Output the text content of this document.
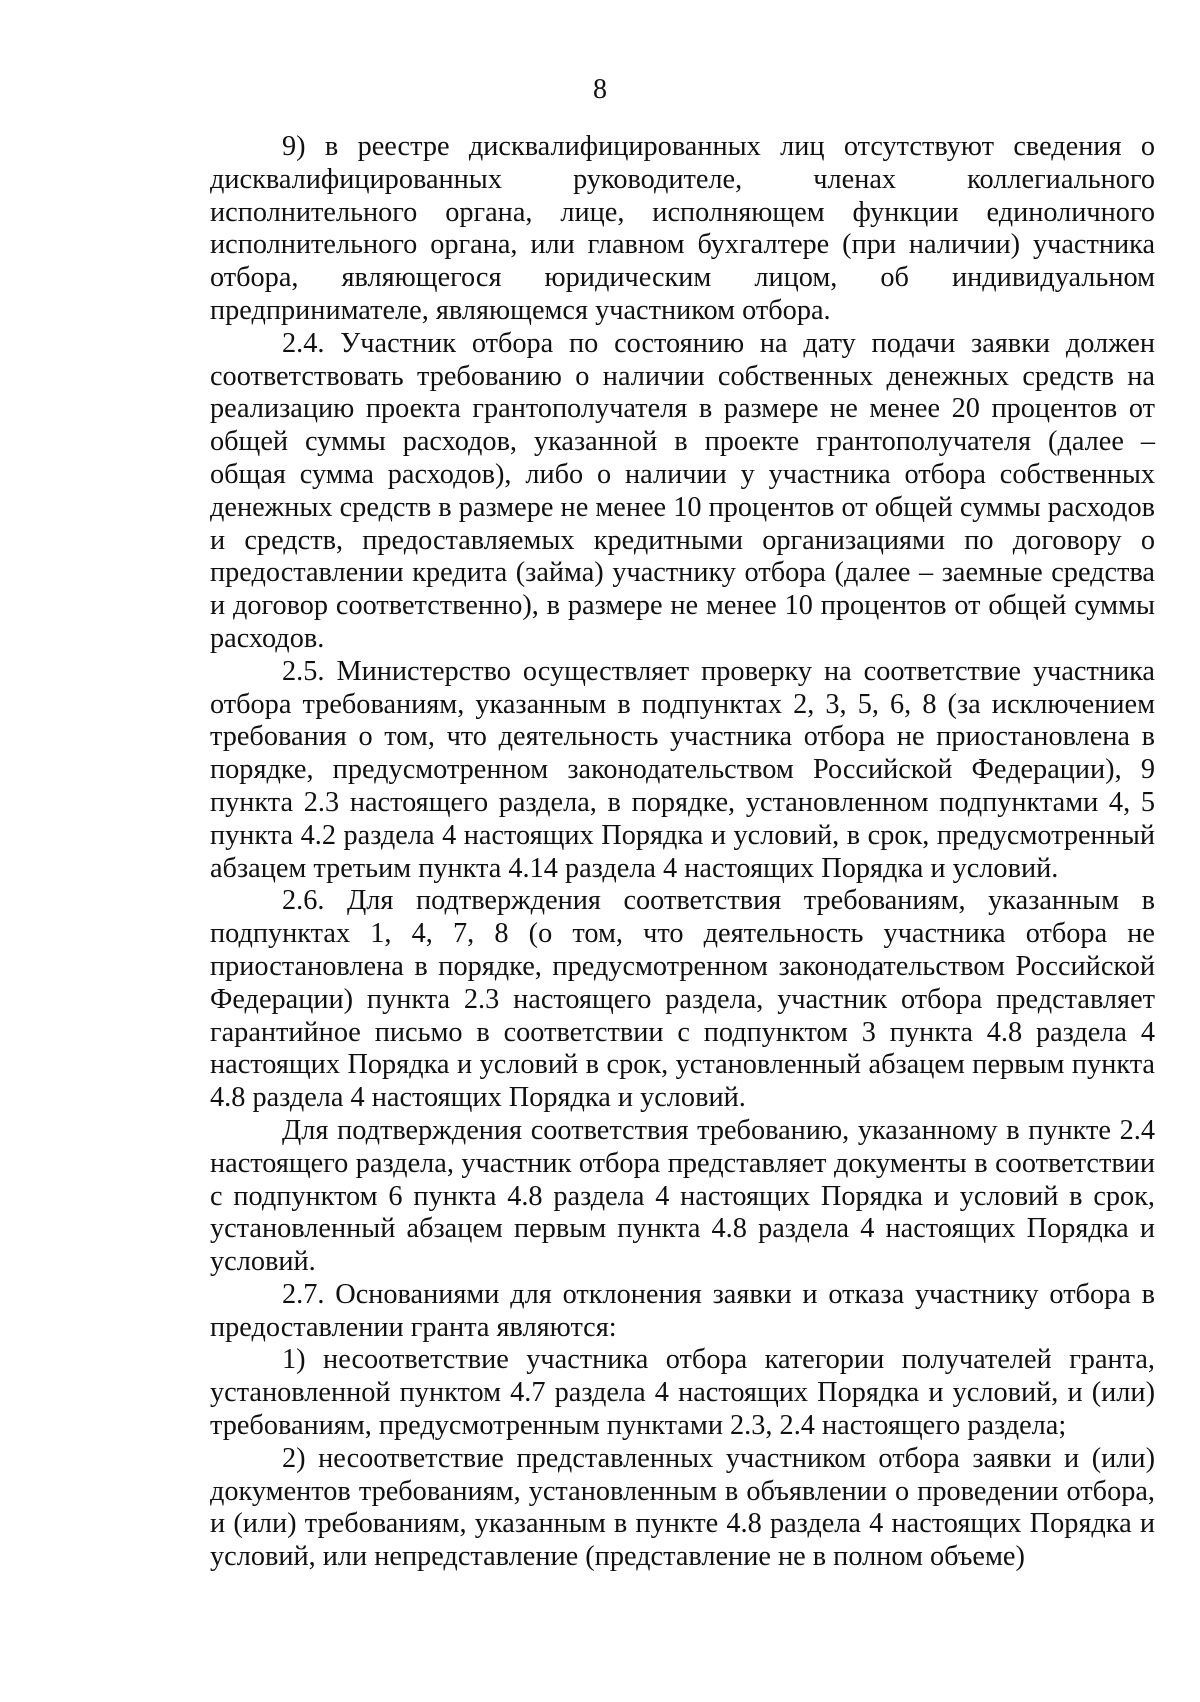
8

9) в реестре дисквалифицированных лиц отсутствуют сведения о дисквалифицированных руководителе, членах коллегиального исполнительного органа, лице, исполняющем функции единоличного исполнительного органа, или главном бухгалтере (при наличии) участника отбора, являющегося юридическим лицом, об индивидуальном предпринимателе, являющемся участником отбора.

2.4. Участник отбора по состоянию на дату подачи заявки должен соответствовать требованию о наличии собственных денежных средств на реализацию проекта грантополучателя в размере не менее 20 процентов от общей суммы расходов, указанной в проекте грантополучателя (далее – общая сумма расходов), либо о наличии у участника отбора собственных денежных средств в размере не менее 10 процентов от общей суммы расходов и средств, предоставляемых кредитными организациями по договору о предоставлении кредита (займа) участнику отбора (далее – заемные средства и договор соответственно), в размере не менее 10 процентов от общей суммы расходов.

2.5. Министерство осуществляет проверку на соответствие участника отбора требованиям, указанным в подпунктах 2, 3, 5, 6, 8 (за исключением требования о том, что деятельность участника отбора не приостановлена в порядке, предусмотренном законодательством Российской Федерации), 9 пункта 2.3 настоящего раздела, в порядке, установленном подпунктами 4, 5 пункта 4.2 раздела 4 настоящих Порядка и условий, в срок, предусмотренный абзацем третьим пункта 4.14 раздела 4 настоящих Порядка и условий.

2.6. Для подтверждения соответствия требованиям, указанным в подпунктах 1, 4, 7, 8 (о том, что деятельность участника отбора не приостановлена в порядке, предусмотренном законодательством Российской Федерации) пункта 2.3 настоящего раздела, участник отбора представляет гарантийное письмо в соответствии с подпунктом 3 пункта 4.8 раздела 4 настоящих Порядка и условий в срок, установленный абзацем первым пункта 4.8 раздела 4 настоящих Порядка и условий.

Для подтверждения соответствия требованию, указанному в пункте 2.4 настоящего раздела, участник отбора представляет документы в соответствии с подпунктом 6 пункта 4.8 раздела 4 настоящих Порядка и условий в срок, установленный абзацем первым пункта 4.8 раздела 4 настоящих Порядка и условий.

2.7. Основаниями для отклонения заявки и отказа участнику отбора в предоставлении гранта являются:

1) несоответствие участника отбора категории получателей гранта, установленной пунктом 4.7 раздела 4 настоящих Порядка и условий, и (или) требованиям, предусмотренным пунктами 2.3, 2.4 настоящего раздела;

2) несоответствие представленных участником отбора заявки и (или) документов требованиям, установленным в объявлении о проведении отбора, и (или) требованиям, указанным в пункте 4.8 раздела 4 настоящих Порядка и условий, или непредставление (представление не в полном объеме)
